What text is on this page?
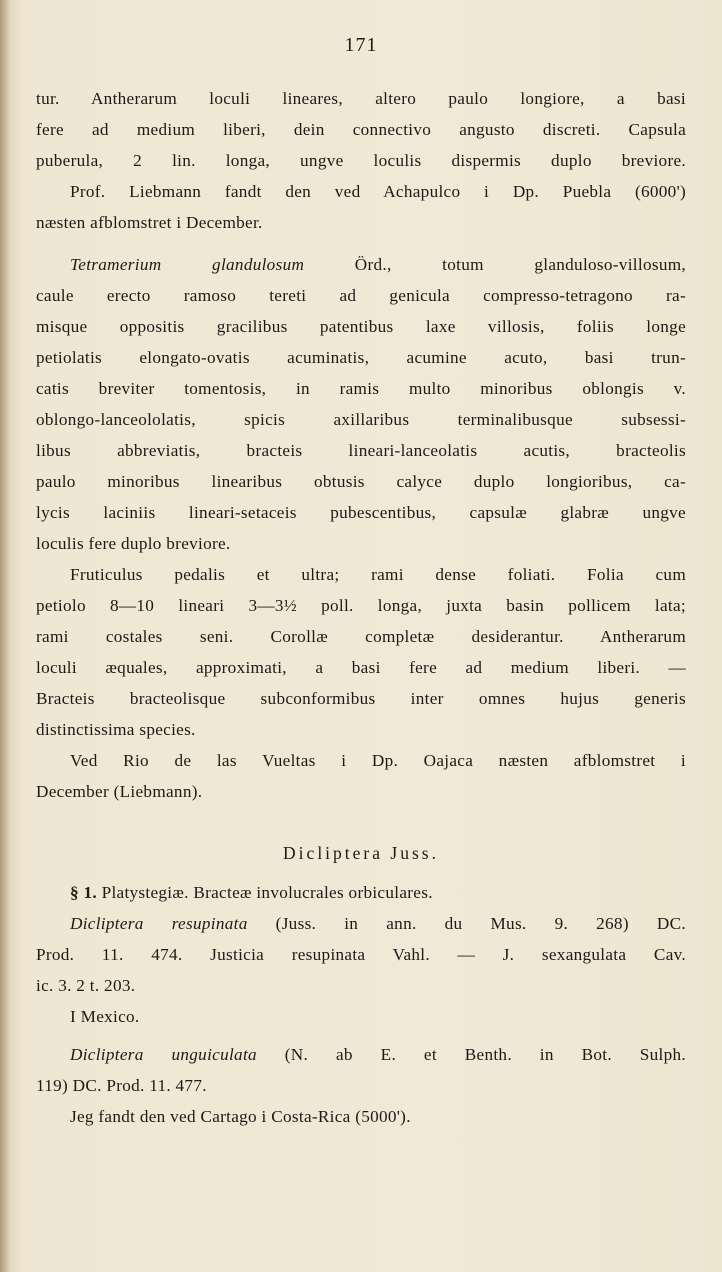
171
tur. Antherarum loculi lineares, altero paulo longiore, a basi
fere ad medium liberi, dein connectivo angusto discreti. Capsula
puberula, 2 lin. longa, ungve loculis dispermis duplo breviore.
Prof. Liebmann fandt den ved Achapulco i Dp. Puebla (6000')
næsten afblomstret i December.
Tetramerium glandulosum	Örd., totum glanduloso-villosum,
caule erecto ramoso tereti ad genicula compresso-tetragono ra-
misque oppositis gracilibus patentibus laxe villosis, foliis longe
petiolatis elongato-ovatis acuminatis, acumine acuto, basi trun-
catis breviter tomentosis, in ramis multo minoribus oblongis v.
oblongo-lanceololatis, spicis axillaribus terminalibusque subsessi-
libus abbreviatis, bracteis lineari-lanceolatis acutis, bracteolis
paulo minoribus linearibus obtusis calyce duplo longioribus, ca-
lycis laciniis lineari-setaceis pubescentibus, capsulæ glabræ ungve
loculis fere duplo breviore.
Fruticulus pedalis et ultra; rami dense foliati. Folia cum
petiolo 8—10 lineari 3—3½ poll. longa, juxta basin pollicem lata;
rami costales seni. Corollæ completæ desiderantur. Antherarum
loculi æquales, approximati, a basi fere ad medium liberi. —
Bracteis bracteolisque subconformibus inter omnes hujus generis
distinctissima species.
Ved Rio de las Vueltas i Dp. Oajaca næsten afblomstret i
December (Liebmann).
Dicliptera Juss.
§ 1. Platystegiæ. Bracteæ involucrales orbiculares.
Dicliptera resupinata (Juss. in ann. du Mus. 9. 268) DC.
Prod. 11. 474. Justicia resupinata Vahl. — J. sexangulata Cav.
ic. 3. 2 t. 203.
I Mexico.
Dicliptera unguiculata (N. ab E. et Benth. in Bot. Sulph.
119) DC. Prod. 11. 477.
Jeg fandt den ved Cartago i Costa-Rica (5000').
